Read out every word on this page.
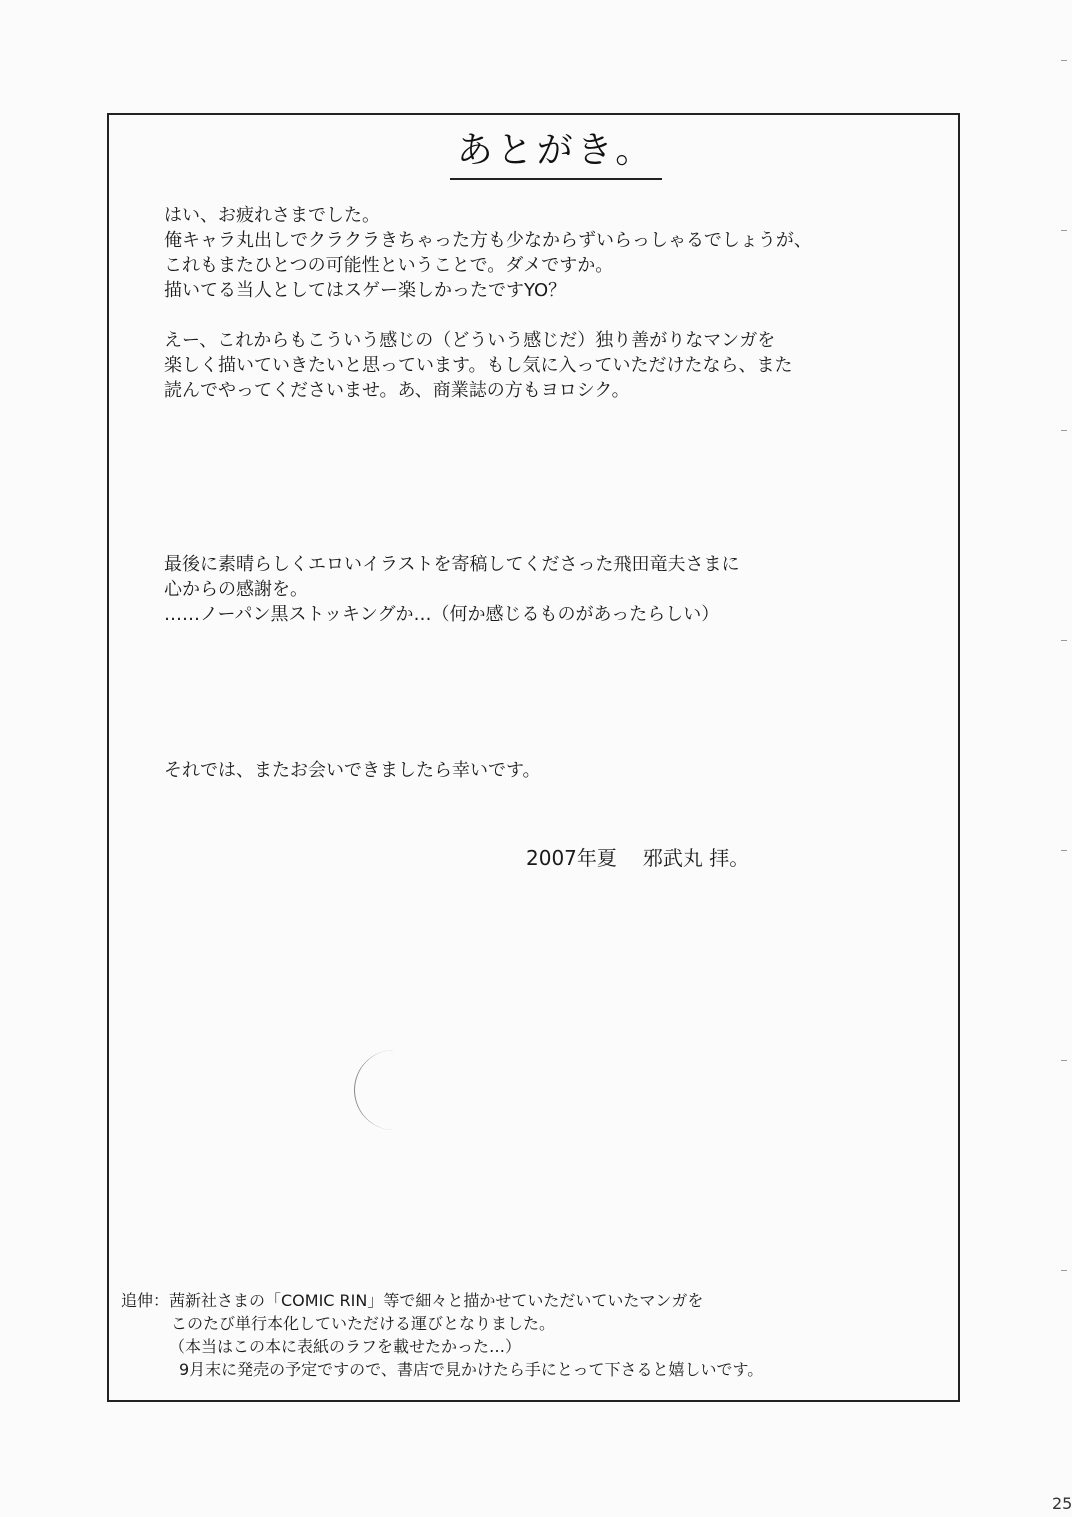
あとがき。

はい、お疲れさまでした。

俺キャラ丸出しでクラクラきちゃった方も少なからずいらっしゃるでしょうが、

これもまたひとつの可能性ということで。ダメですか。

描いてる当人としてはスゲー楽しかったですYO？

えー、これからもこういう感じの（どういう感じだ）独り善がりなマンガを

楽しく描いていきたいと思っています。もし気に入っていただけたなら、また

読んでやってくださいませ。あ、商業誌の方もヨロシク。

最後に素晴らしくエロいイラストを寄稿してくださった飛田竜夫さまに

心からの感謝を。

……ノーパン黒ストッキングか…（何か感じるものがあったらしい）

それでは、またお会いできましたら幸いです。

2007年夏 邪武丸 拝。

追伸：茜新社さまの「COMIC RIN」等で細々と描かせていただいていたマンガを

このたび単行本化していただける運びとなりました。

（本当はこの本に表紙のラフを載せたかった…）

9月末に発売の予定ですので、書店で見かけたら手にとって下さると嬉しいです。

25
